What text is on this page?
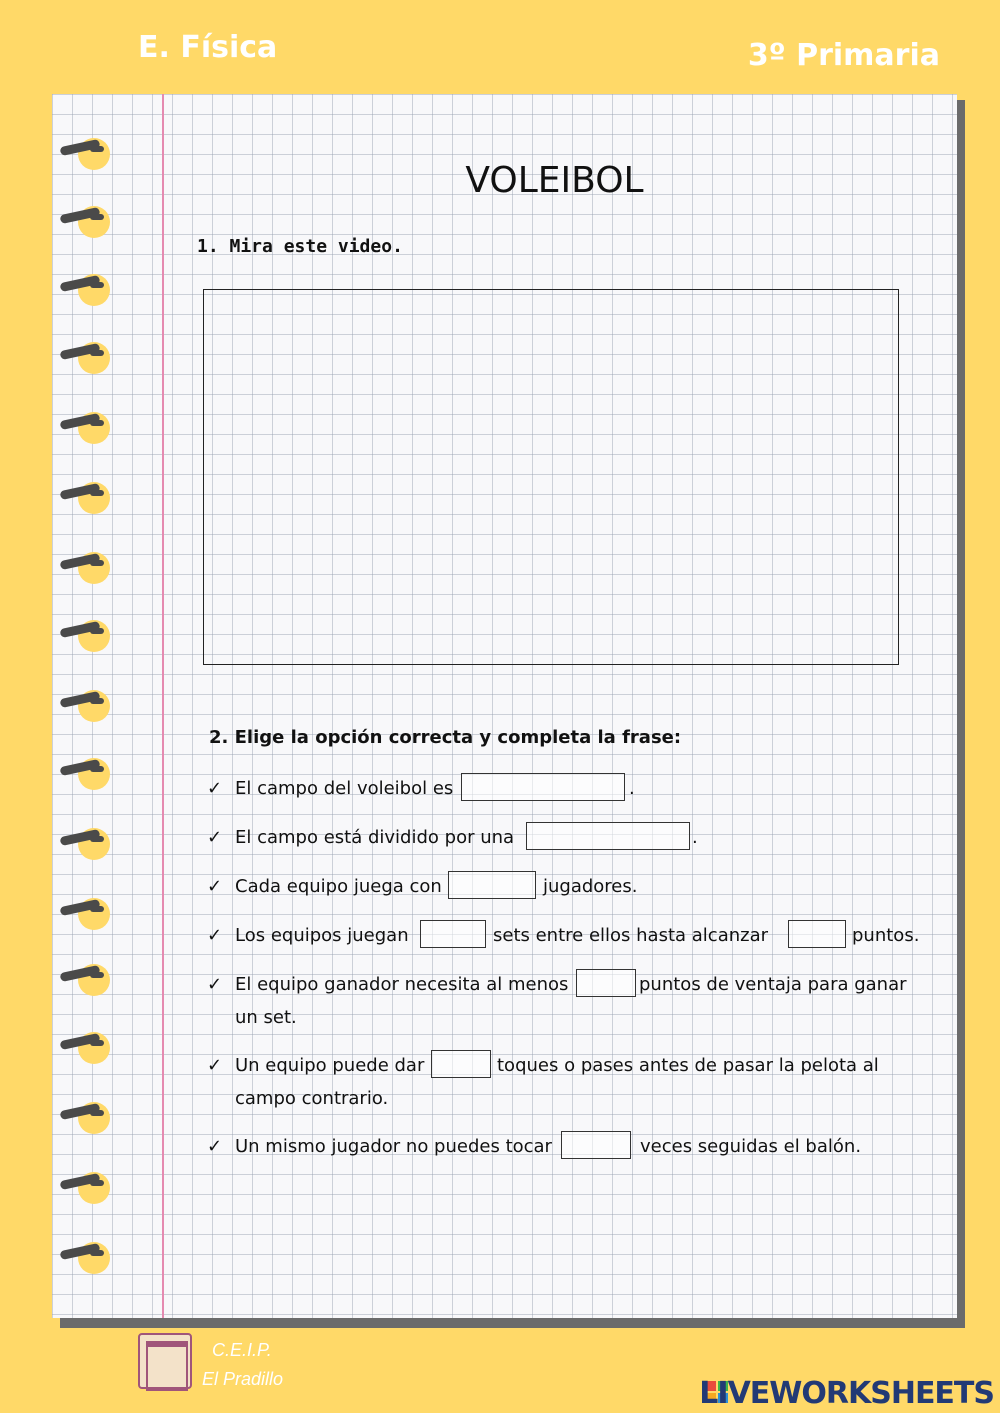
E. Física	3º Primaria
VOLEIBOL
1. Mira este video.
2. Elige la opción correcta y completa la frase:
✓ El campo del voleibol es	.
✓ El campo está dividido por una	.
✓ Cada equipo juega con	jugadores.
✓ Los equipos juegan	sets entre ellos hasta alcanzar	puntos.
✓ El equipo ganador necesita al menos	puntos de ventaja para ganar
un set.
✓ Un equipo puede dar	toques o pases antes de pasar la pelota al
campo contrario.
✓ Un mismo jugador no puedes tocar	veces seguidas el balón.
C.E.I.P.
El Pradillo	LIVEWORKSHEETS
